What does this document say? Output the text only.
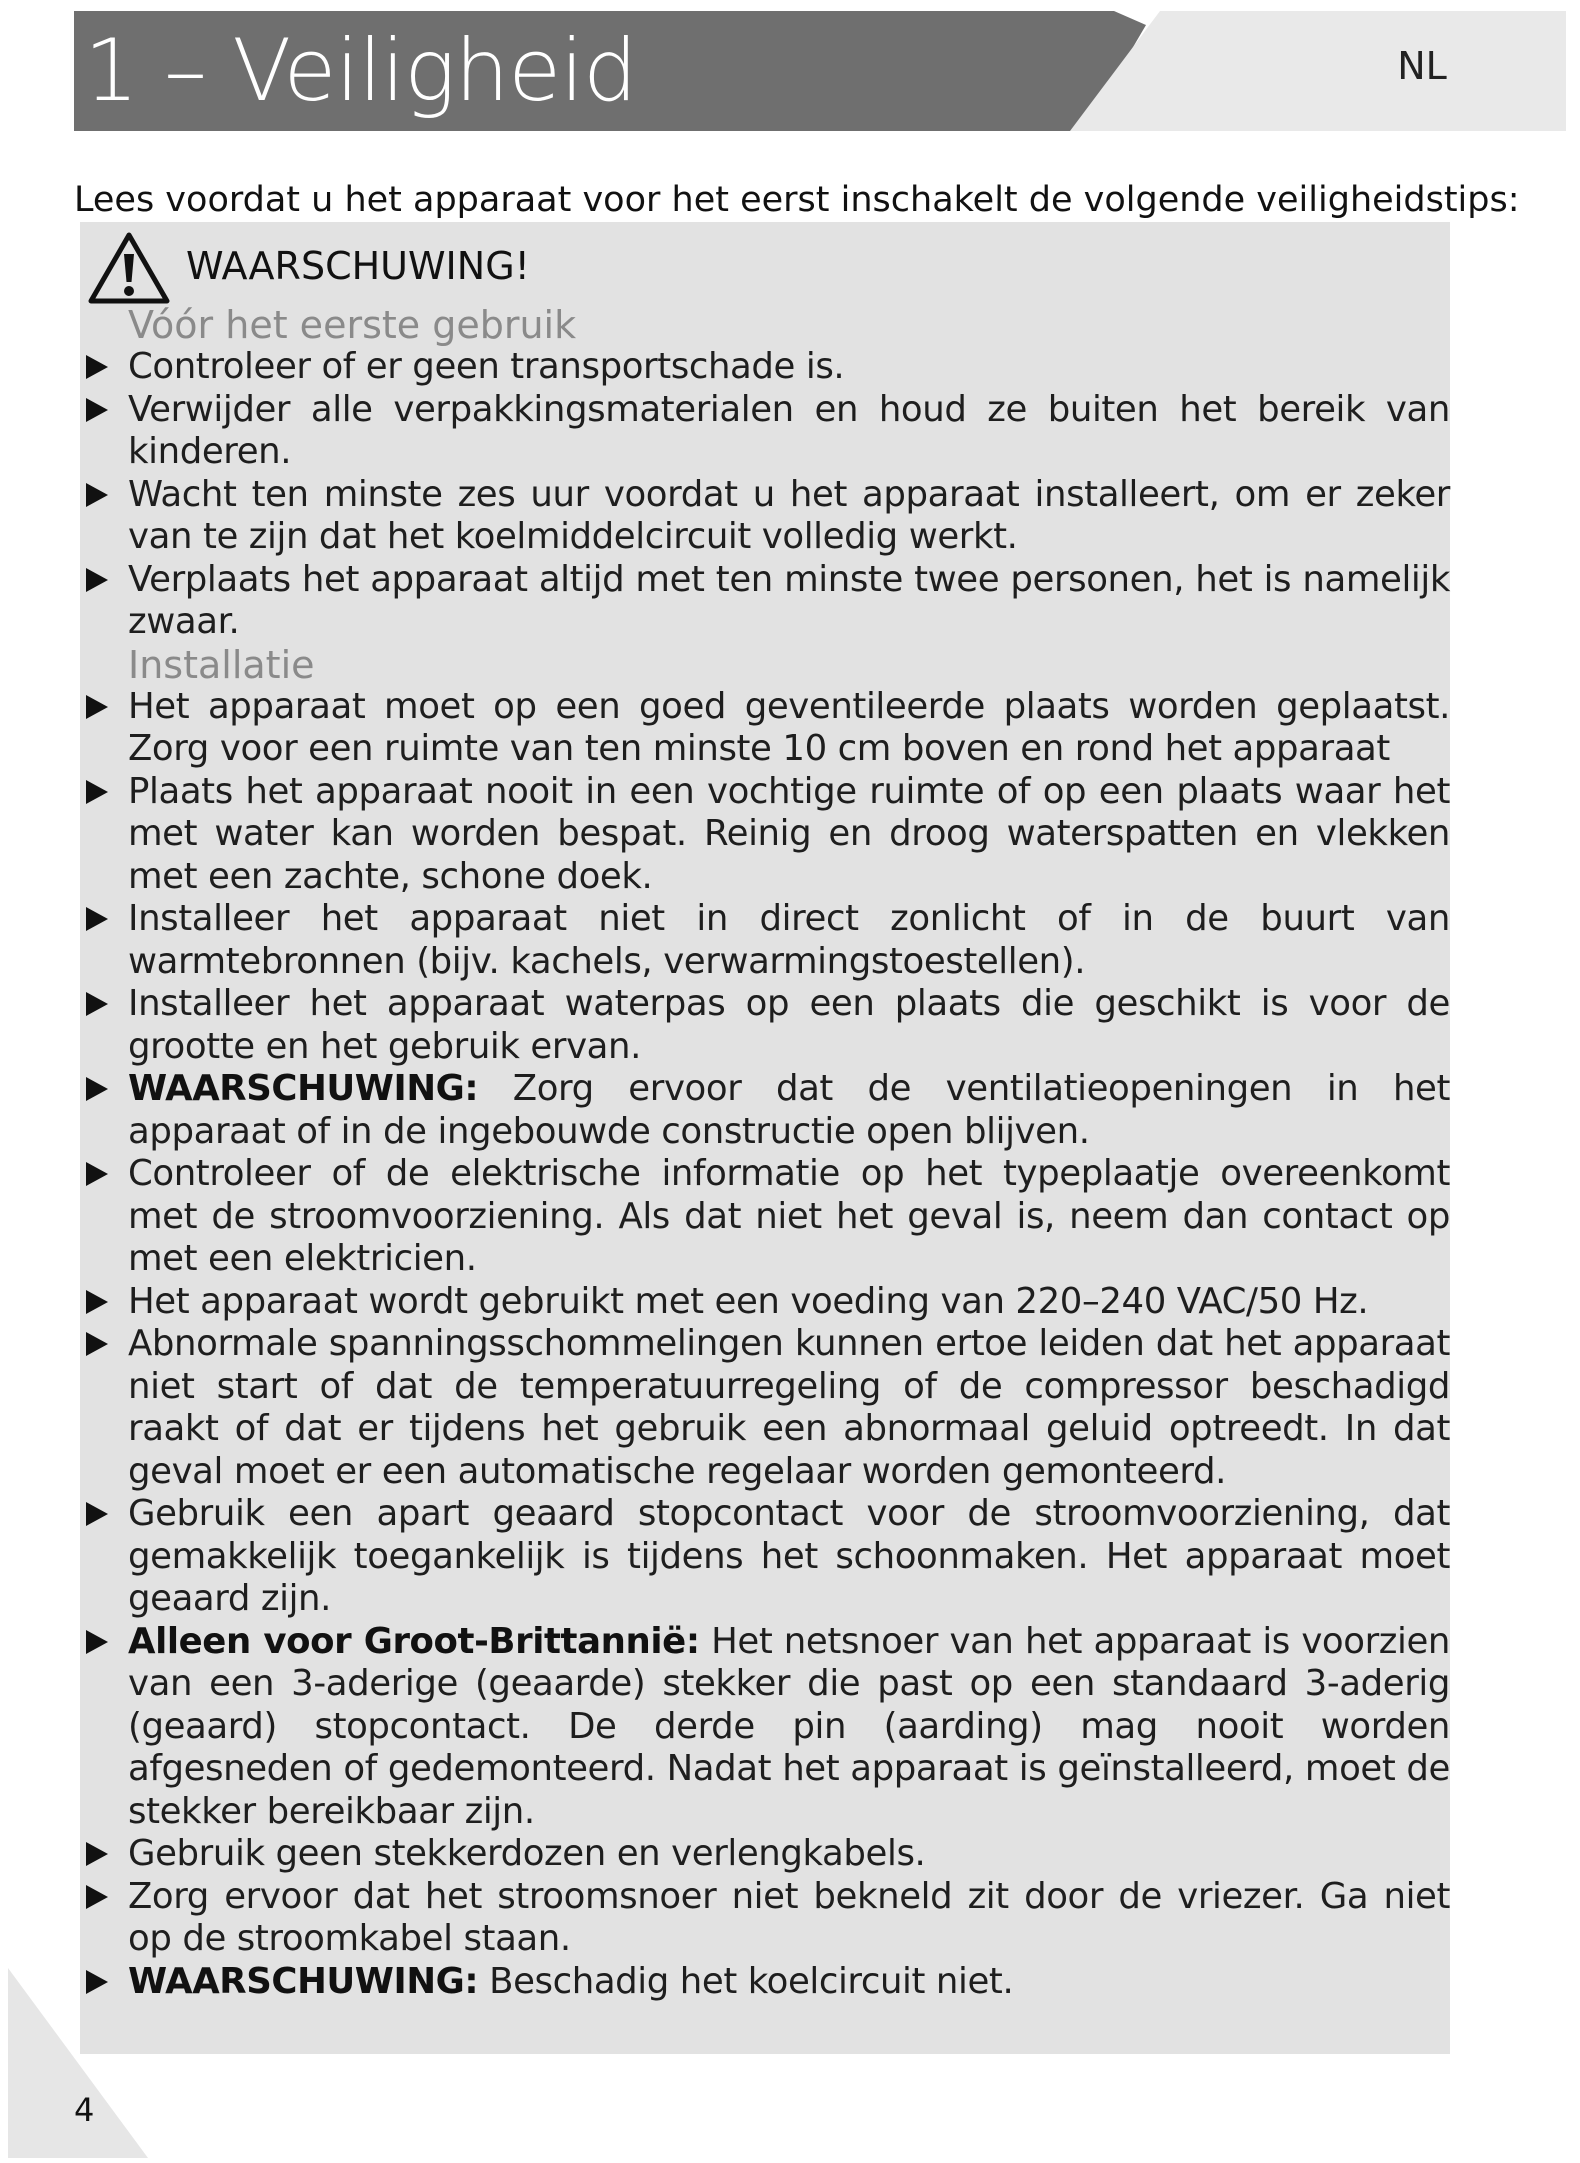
1 – Veiligheid	NL
Lees voordat u het apparaat voor het eerst inschakelt de volgende veiligheidstips:
WAARSCHUWING!
Vóór het eerste gebruik
Controleer of er geen transportschade is.
Verwijder alle verpakkingsmaterialen en houd ze buiten het bereik van kinderen.
Wacht ten minste zes uur voordat u het apparaat installeert, om er zeker van te zijn dat het koelmiddelcircuit volledig werkt.
Verplaats het apparaat altijd met ten minste twee personen, het is namelijk zwaar.
Installatie
Het apparaat moet op een goed geventileerde plaats worden geplaatst. Zorg voor een ruimte van ten minste 10 cm boven en rond het apparaat
Plaats het apparaat nooit in een vochtige ruimte of op een plaats waar het met water kan worden bespat. Reinig en droog waterspatten en vlekken met een zachte, schone doek.
Installeer het apparaat niet in direct zonlicht of in de buurt van warmtebronnen (bijv. kachels, verwarmingstoestellen).
Installeer het apparaat waterpas op een plaats die geschikt is voor de grootte en het gebruik ervan.
WAARSCHUWING: Zorg ervoor dat de ventilatieopeningen in het apparaat of in de ingebouwde constructie open blijven.
Controleer of de elektrische informatie op het typeplaatje overeenkomt met de stroomvoorziening. Als dat niet het geval is, neem dan contact op met een elektricien.
Het apparaat wordt gebruikt met een voeding van 220–240 VAC/50 Hz.
Abnormale spanningsschommelingen kunnen ertoe leiden dat het apparaat niet start of dat de temperatuurregeling of de compressor beschadigd raakt of dat er tijdens het gebruik een abnormaal geluid optreedt. In dat geval moet er een automatische regelaar worden gemonteerd.
Gebruik een apart geaard stopcontact voor de stroomvoorziening, dat gemakkelijk toegankelijk is tijdens het schoonmaken. Het apparaat moet geaard zijn.
Alleen voor Groot-Brittannië: Het netsnoer van het apparaat is voorzien van een 3-aderige (geaarde) stekker die past op een standaard 3-aderig (geaard) stopcontact. De derde pin (aarding) mag nooit worden afgesneden of gedemonteerd. Nadat het apparaat is geïnstalleerd, moet de stekker bereikbaar zijn.
Gebruik geen stekkerdozen en verlengkabels.
Zorg ervoor dat het stroomsnoer niet bekneld zit door de vriezer. Ga niet op de stroomkabel staan.
WAARSCHUWING: Beschadig het koelcircuit niet.
4
